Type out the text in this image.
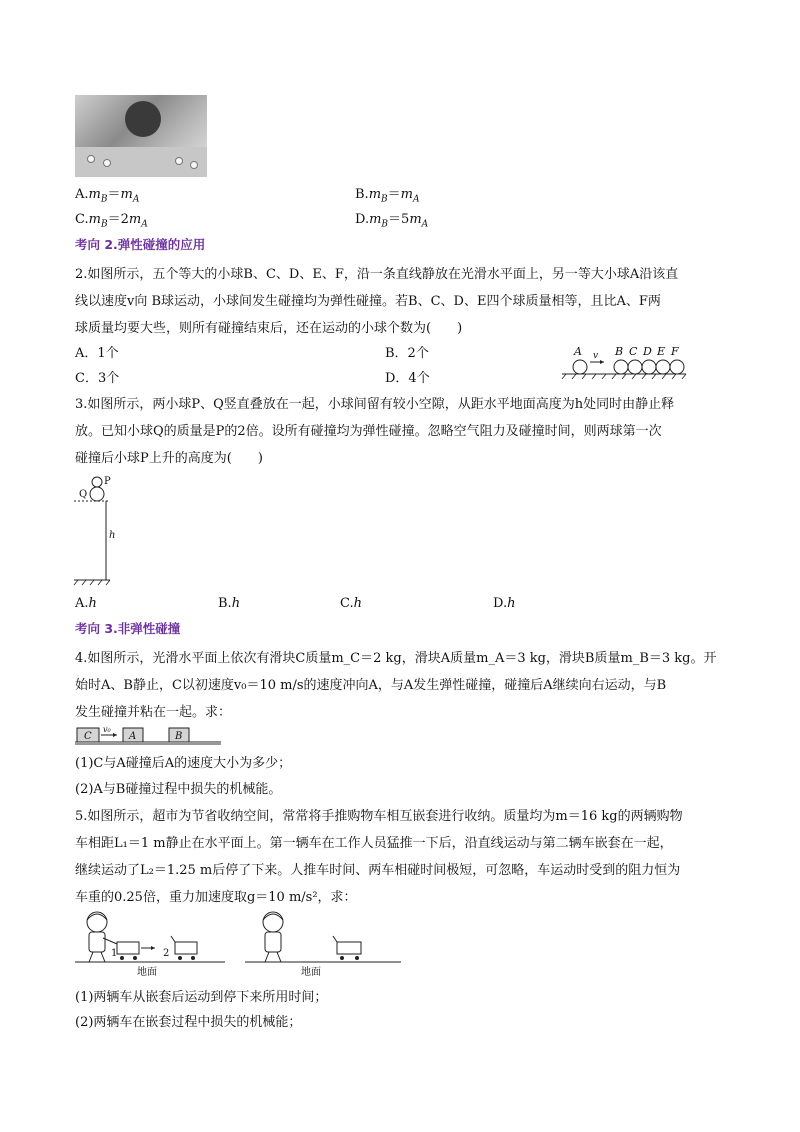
$A.m_B=m_A$	$B.m_B=m_A$
$C.m_B=2m_A$	$D.m_B=5m_A$
考向 2.弹性碰撞的应用
2.如图所示，五个等大的小球B、C、D、E、F，沿一条直线静放在光滑水平面上，另一等大小球A沿该直
线以速度v向 B球运动，小球间发生碰撞均为弹性碰撞。若B、C、D、E四个球质量相等，且比A、F两
球质量均要大些，则所有碰撞结束后，还在运动的小球个数为(　　)
A．1个	B．2个
C．3个	D．4个
A v B C D E F
3.如图所示，两小球P、Q竖直叠放在一起，小球间留有较小空隙，从距水平地面高度为h处同时由静止释
放。已知小球Q的质量是P的2倍。设所有碰撞均为弹性碰撞。忽略空气阻力及碰撞时间，则两球第一次
碰撞后小球P上升的高度为(　　)
P
Q
h
A.h	B.h	C.h	D.h
考向 3.非弹性碰撞
4.如图所示，光滑水平面上依次有滑块C质量m_C＝2 kg，滑块A质量m_A＝3 kg，滑块B质量m_B＝3 kg。开
始时A、B静止，C以初速度v₀＝10 m/s的速度冲向A，与A发生弹性碰撞，碰撞后A继续向右运动，与B
发生碰撞并粘在一起。求：
C
v₀
A	B
(1)C与A碰撞后A的速度大小为多少；
(2)A与B碰撞过程中损失的机械能。
5.如图所示，超市为节省收纳空间，常常将手推购物车相互嵌套进行收纳。质量均为m＝16 kg的两辆购物
车相距L₁＝1 m静止在水平面上。第一辆车在工作人员猛推一下后，沿直线运动与第二辆车嵌套在一起，
继续运动了L₂＝1.25 m后停了下来。人推车时间、两车相碰时间极短，可忽略，车运动时受到的阻力恒为
车重的0.25倍，重力加速度取g＝10 m/s²，求：
1	2
地面	地面
(1)两辆车从嵌套后运动到停下来所用时间；
(2)两辆车在嵌套过程中损失的机械能；
